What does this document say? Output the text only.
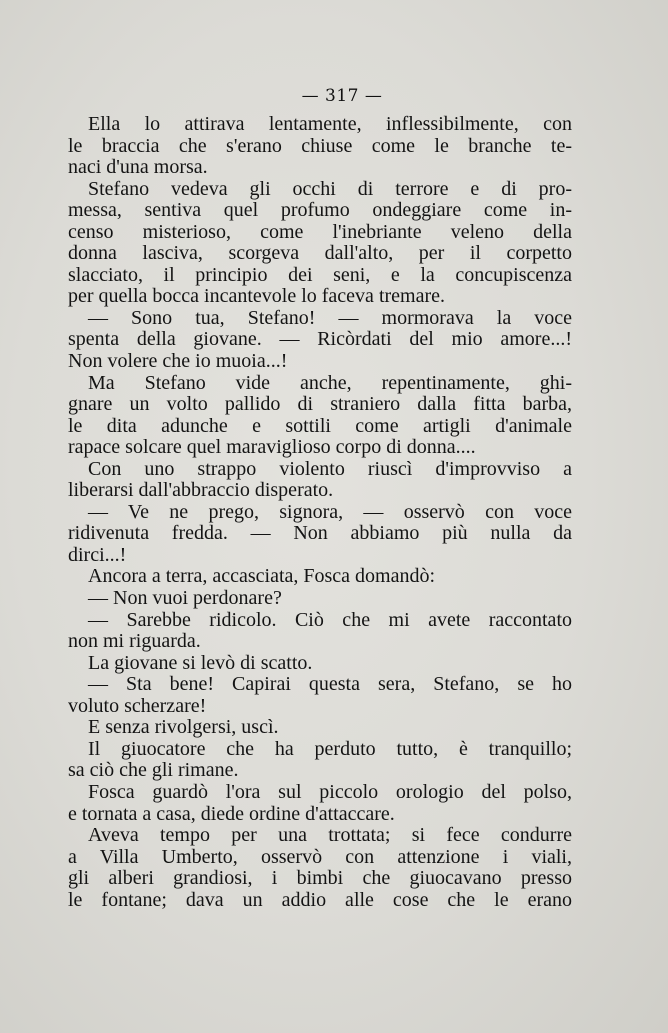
— 317 —
Ella lo attirava lentamente, inflessibilmente, con
le braccia che s'erano chiuse come le branche te-
naci d'una morsa.
Stefano vedeva gli occhi di terrore e di pro-
messa, sentiva quel profumo ondeggiare come in-
censo misterioso, come l'inebriante veleno della
donna lasciva, scorgeva dall'alto, per il corpetto
slacciato, il principio dei seni, e la concupiscenza
per quella bocca incantevole lo faceva tremare.
— Sono tua, Stefano! — mormorava la voce
spenta della giovane. — Ricòrdati del mio amore...!
Non volere che io muoia...!
Ma Stefano vide anche, repentinamente, ghi-
gnare un volto pallido di straniero dalla fitta barba,
le dita adunche e sottili come artigli d'animale
rapace solcare quel maraviglioso corpo di donna....
Con uno strappo violento riuscì d'improvviso a
liberarsi dall'abbraccio disperato.
— Ve ne prego, signora, — osservò con voce
ridivenuta fredda. — Non abbiamo più nulla da
dirci...!
Ancora a terra, accasciata, Fosca domandò:
— Non vuoi perdonare?
— Sarebbe ridicolo. Ciò che mi avete raccontato
non mi riguarda.
La giovane si levò di scatto.
— Sta bene! Capirai questa sera, Stefano, se ho
voluto scherzare!
E senza rivolgersi, uscì.
Il giuocatore che ha perduto tutto, è tranquillo;
sa ciò che gli rimane.
Fosca guardò l'ora sul piccolo orologio del polso,
e tornata a casa, diede ordine d'attaccare.
Aveva tempo per una trottata; si fece condurre
a Villa Umberto, osservò con attenzione i viali,
gli alberi grandiosi, i bimbi che giuocavano presso
le fontane; dava un addio alle cose che le erano
